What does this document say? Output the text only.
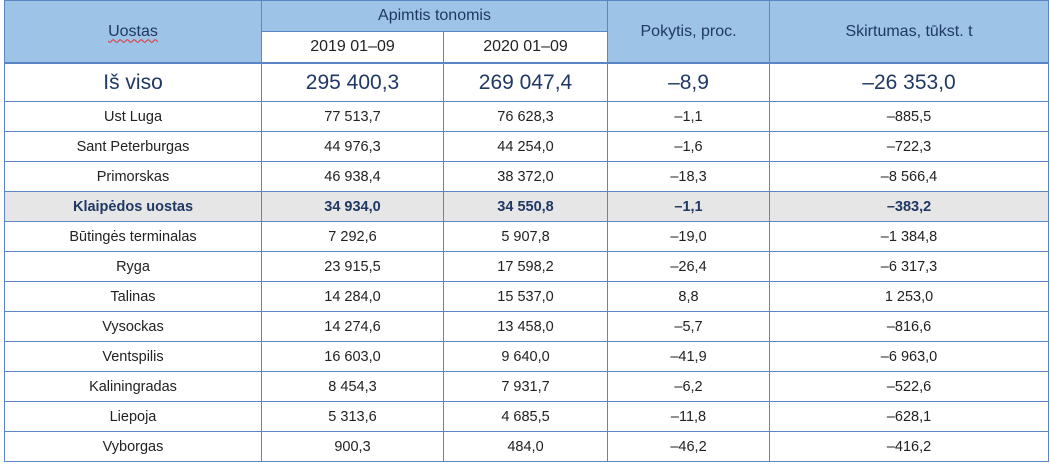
Uostas	Apimtis tonomis		Pokytis, proc.	Skirtumas, tūkst. t
	2019 01–09	2020 01–09		
Iš viso	295 400,3	269 047,4	–8,9	–26 353,0
Ust Luga	77 513,7	76 628,3	–1,1	–885,5
Sant Peterburgas	44 976,3	44 254,0	–1,6	–722,3
Primorskas	46 938,4	38 372,0	–18,3	–8 566,4
Klaipėdos uostas	34 934,0	34 550,8	–1,1	–383,2
Būtingės terminalas	7 292,6	5 907,8	–19,0	–1 384,8
Ryga	23 915,5	17 598,2	–26,4	–6 317,3
Talinas	14 284,0	15 537,0	8,8	1 253,0
Vysockas	14 274,6	13 458,0	–5,7	–816,6
Ventspilis	16 603,0	9 640,0	–41,9	–6 963,0
Kaliningradas	8 454,3	7 931,7	–6,2	–522,6
Liepoja	5 313,6	4 685,5	–11,8	–628,1
Vyborgas	900,3	484,0	–46,2	–416,2
